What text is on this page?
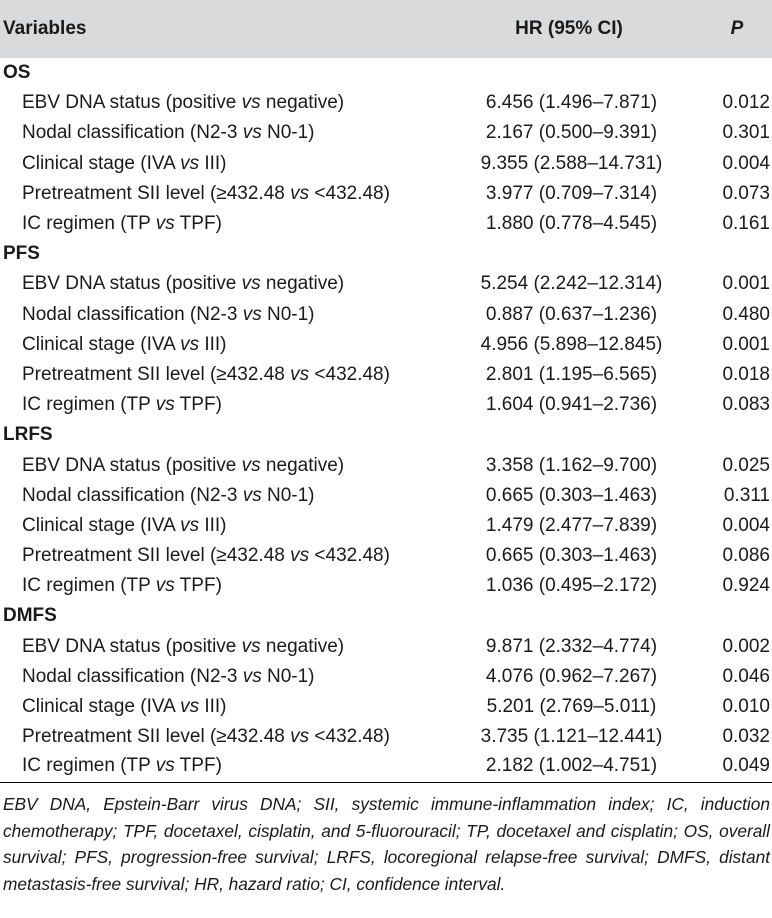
Variables	HR (95% CI)	P
OS		
EBV DNA status (positive vs negative)	6.456 (1.496–7.871)	0.012
Nodal classification (N2-3 vs N0-1)	2.167 (0.500–9.391)	0.301
Clinical stage (IVA vs III)	9.355 (2.588–14.731)	0.004
Pretreatment SII level (≥432.48 vs <432.48)	3.977 (0.709–7.314)	0.073
IC regimen (TP vs TPF)	1.880 (0.778–4.545)	0.161
PFS		
EBV DNA status (positive vs negative)	5.254 (2.242–12.314)	0.001
Nodal classification (N2-3 vs N0-1)	0.887 (0.637–1.236)	0.480
Clinical stage (IVA vs III)	4.956 (5.898–12.845)	0.001
Pretreatment SII level (≥432.48 vs <432.48)	2.801 (1.195–6.565)	0.018
IC regimen (TP vs TPF)	1.604 (0.941–2.736)	0.083
LRFS		
EBV DNA status (positive vs negative)	3.358 (1.162–9.700)	0.025
Nodal classification (N2-3 vs N0-1)	0.665 (0.303–1.463)	0.311
Clinical stage (IVA vs III)	1.479 (2.477–7.839)	0.004
Pretreatment SII level (≥432.48 vs <432.48)	0.665 (0.303–1.463)	0.086
IC regimen (TP vs TPF)	1.036 (0.495–2.172)	0.924
DMFS		
EBV DNA status (positive vs negative)	9.871 (2.332–4.774)	0.002
Nodal classification (N2-3 vs N0-1)	4.076 (0.962–7.267)	0.046
Clinical stage (IVA vs III)	5.201 (2.769–5.011)	0.010
Pretreatment SII level (≥432.48 vs <432.48)	3.735 (1.121–12.441)	0.032
IC regimen (TP vs TPF)	2.182 (1.002–4.751)	0.049

EBV DNA, Epstein-Barr virus DNA; SII, systemic immune-inflammation index; IC, induction chemotherapy; TPF, docetaxel, cisplatin, and 5-fluorouracil; TP, docetaxel and cisplatin; OS, overall survival; PFS, progression-free survival; LRFS, locoregional relapse-free survival; DMFS, distant metastasis-free survival; HR, hazard ratio; CI, confidence interval.
